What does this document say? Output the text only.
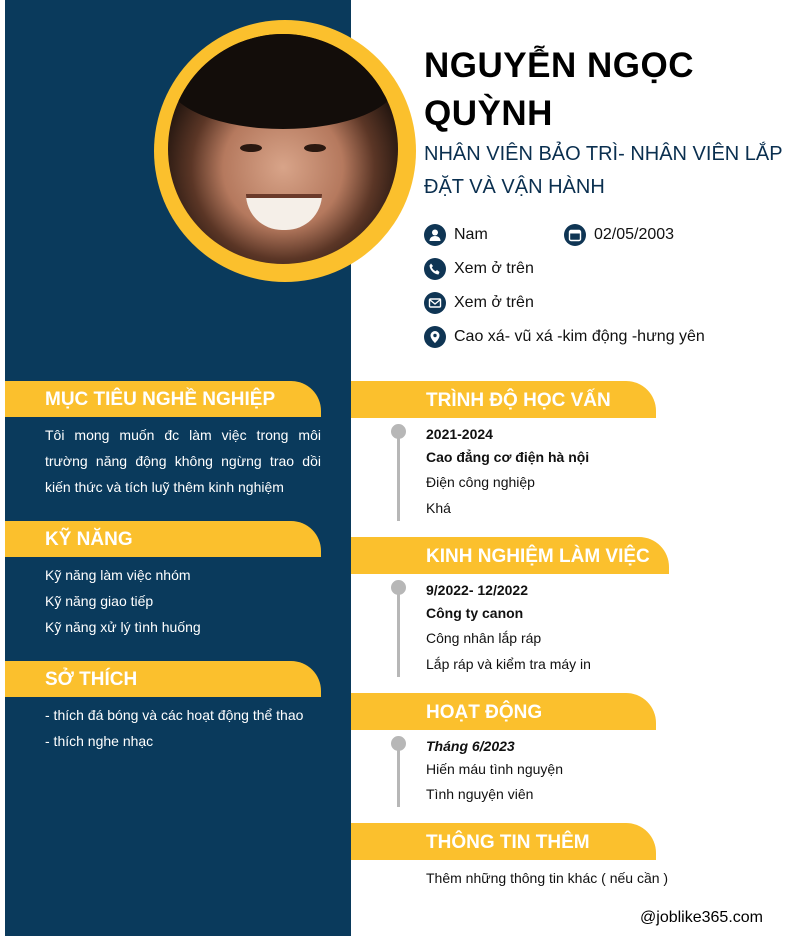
NGUYỄN NGỌC QUỲNH
NHÂN VIÊN BẢO TRÌ- NHÂN VIÊN LẮP ĐẶT VÀ VẬN HÀNH
Nam	02/05/2003
Xem ở trên
Xem ở trên
Cao xá- vũ xá -kim động -hưng yên
MỤC TIÊU NGHỀ NGHIỆP
Tôi mong muốn đc làm việc trong môi trường năng động không ngừng trao dồi kiến thức và tích luỹ thêm kinh nghiệm
KỸ NĂNG
Kỹ năng làm việc nhóm
Kỹ năng giao tiếp
Kỹ năng xử lý tình huống
SỞ THÍCH
- thích đá bóng và các hoạt động thể thao
- thích nghe nhạc
TRÌNH ĐỘ HỌC VẤN
2021-2024
Cao đẳng cơ điện hà nội
Điện công nghiệp
Khá
KINH NGHIỆM LÀM VIỆC
9/2022- 12/2022
Công ty canon
Công nhân lắp ráp
Lắp ráp và kiểm tra máy in
HOẠT ĐỘNG
Tháng 6/2023
Hiến máu tình nguyện
Tình nguyện viên
THÔNG TIN THÊM
Thêm những thông tin khác ( nếu cần )
@joblike365.com
